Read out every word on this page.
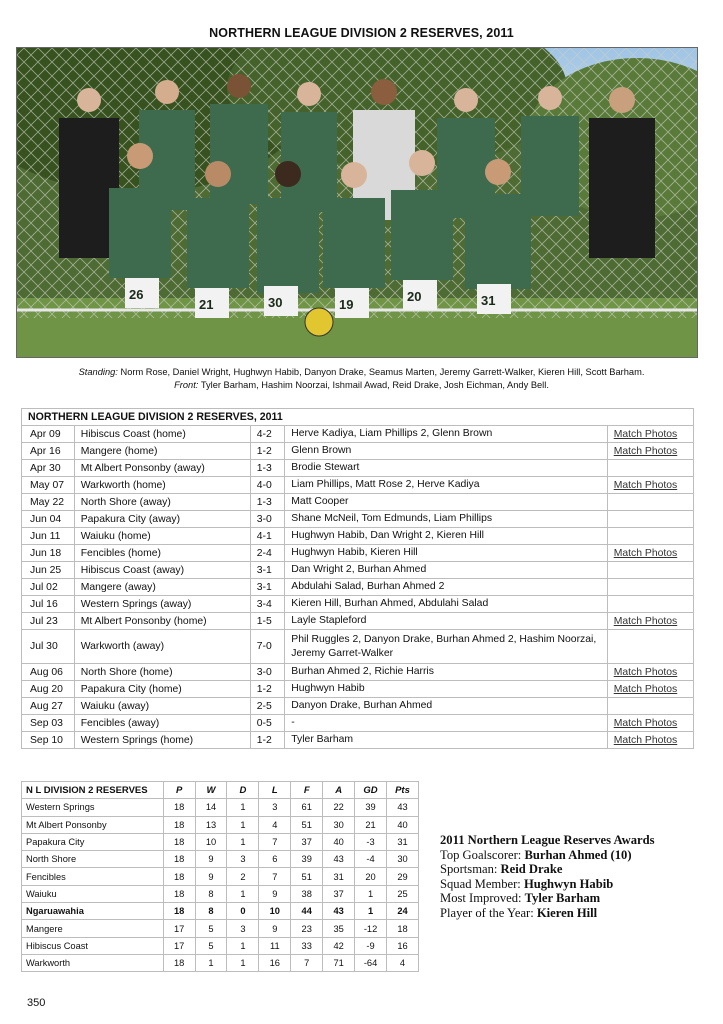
NORTHERN LEAGUE DIVISION 2 RESERVES, 2011
26
21	30	19
20	31
Standing: Norm Rose, Daniel Wright, Hughwyn Habib, Danyon Drake, Seamus Marten, Jeremy Garrett-Walker, Kieren Hill, Scott Barham.
Front: Tyler Barham, Hashim Noorzai, Ishmail Awad, Reid Drake, Josh Eichman, Andy Bell.
NORTHERN LEAGUE DIVISION 2 RESERVES, 2011				
Apr 09	Hibiscus Coast (home)	4-2	Herve Kadiya, Liam Phillips 2, Glenn Brown	Match Photos
Apr 16	Mangere (home)	1-2	Glenn Brown	Match Photos
Apr 30	Mt Albert Ponsonby (away)	1-3	Brodie Stewart	
May 07	Warkworth (home)	4-0	Liam Phillips, Matt Rose 2, Herve Kadiya	Match Photos
May 22	North Shore (away)	1-3	Matt Cooper	
Jun 04	Papakura City (away)	3-0	Shane McNeil, Tom Edmunds, Liam Phillips	
Jun 11	Waiuku (home)	4-1	Hughwyn Habib, Dan Wright 2, Kieren Hill	
Jun 18	Fencibles (home)	2-4	Hughwyn Habib, Kieren Hill	Match Photos
Jun 25	Hibiscus Coast (away)	3-1	Dan Wright 2, Burhan Ahmed	
Jul 02	Mangere (away)	3-1	Abdulahi Salad, Burhan Ahmed 2	
Jul 16	Western Springs (away)	3-4	Kieren Hill, Burhan Ahmed, Abdulahi Salad	
Jul 23	Mt Albert Ponsonby (home)	1-5	Layle Stapleford	Match Photos
Jul 30	Warkworth (away)	7-0	Phil Ruggles 2, Danyon Drake, Burhan Ahmed 2, Hashim Noorzai, Jeremy Garret-Walker	
Aug 06	North Shore (home)	3-0	Burhan Ahmed 2, Richie Harris	Match Photos
Aug 20	Papakura City (home)	1-2	Hughwyn Habib	Match Photos
Aug 27	Waiuku (away)	2-5	Danyon Drake, Burhan Ahmed	
Sep 03	Fencibles (away)	0-5	-	Match Photos
Sep 10	Western Springs (home)	1-2	Tyler Barham	Match Photos
N L DIVISION 2 RESERVES	P	W	D	L	F	A	GD	Pts
Western Springs	18	14	1	3	61	22	39	43
Mt Albert Ponsonby	18	13	1	4	51	30	21	40
Papakura City	18	10	1	7	37	40	-3	31
North Shore	18	9	3	6	39	43	-4	30
Fencibles	18	9	2	7	51	31	20	29
Waiuku	18	8	1	9	38	37	1	25
Ngaruawahia	18	8	0	10	44	43	1	24
Mangere	17	5	3	9	23	35	-12	18
Hibiscus Coast	17	5	1	11	33	42	-9	16
Warkworth	18	1	1	16	7	71	-64	4
2011 Northern League Reserves Awards
Top Goalscorer: Burhan Ahmed (10)
Sportsman: Reid Drake
Squad Member: Hughwyn Habib
Most Improved: Tyler Barham
Player of the Year: Kieren Hill
350
